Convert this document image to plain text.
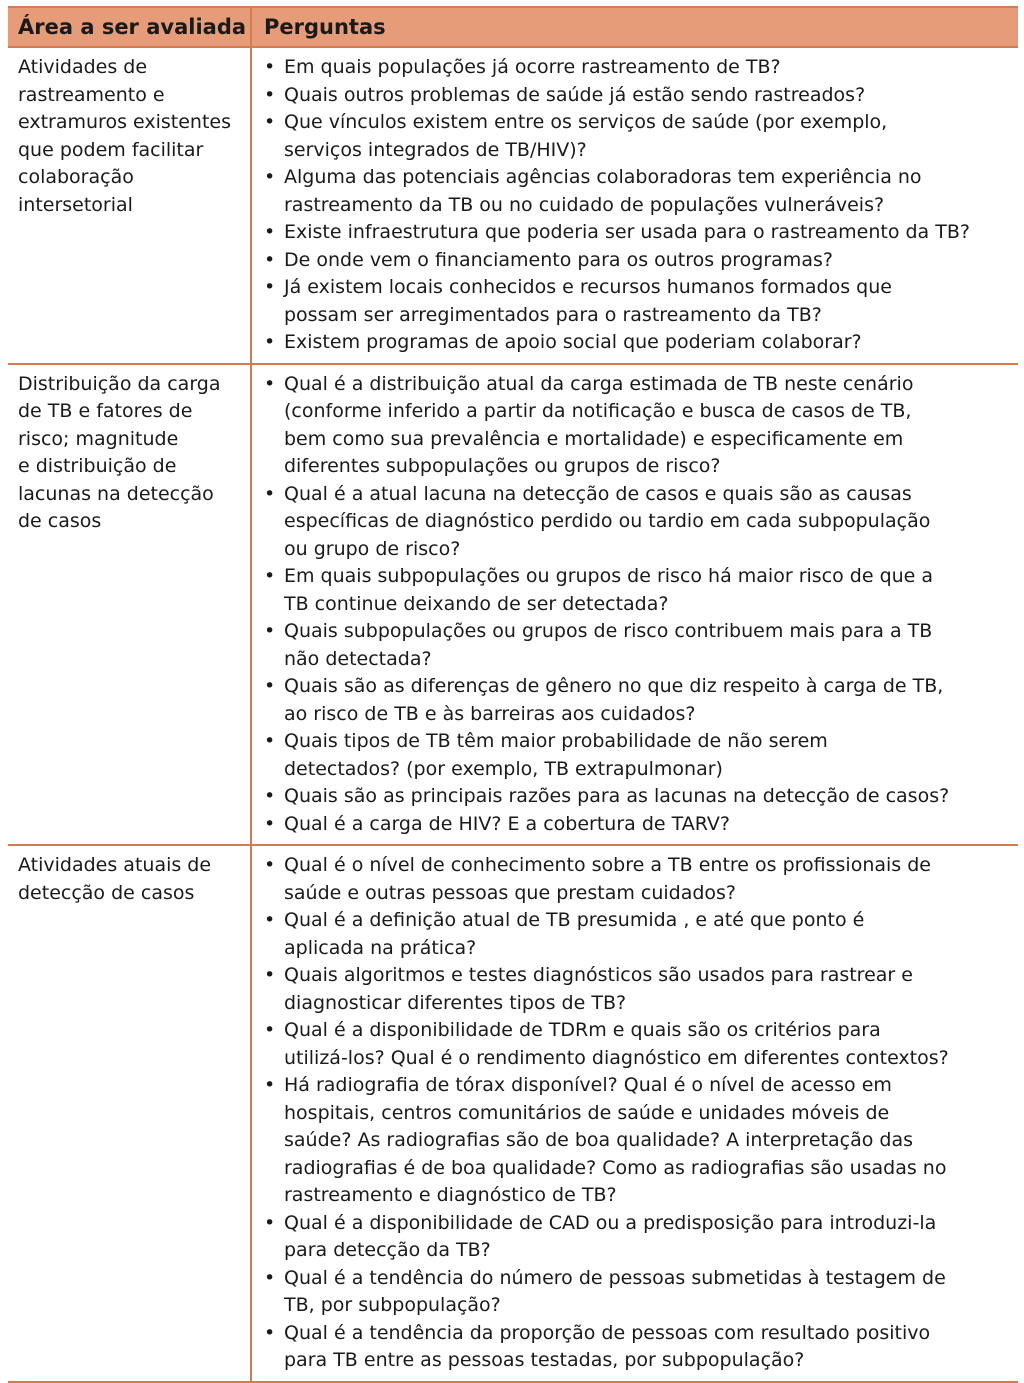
Área a ser avaliada Perguntas
Atividades de
rastreamento e
extramuros existentes
que podem facilitar
colaboração
intersetorial
• Em quais populações já ocorre rastreamento de TB?
• Quais outros problemas de saúde já estão sendo rastreados?
• Que vínculos existem entre os serviços de saúde (por exemplo,
serviços integrados de TB/HIV)?
• Alguma das potenciais agências colaboradoras tem experiência no
rastreamento da TB ou no cuidado de populações vulneráveis?
• Existe infraestrutura que poderia ser usada para o rastreamento da TB?
• De onde vem o financiamento para os outros programas?
• Já existem locais conhecidos e recursos humanos formados que
possam ser arregimentados para o rastreamento da TB?
• Existem programas de apoio social que poderiam colaborar?
Distribuição da carga
de TB e fatores de
risco; magnitude
e distribuição de
lacunas na detecção
de casos
• Qual é a distribuição atual da carga estimada de TB neste cenário
(conforme inferido a partir da notificação e busca de casos de TB,
bem como sua prevalência e mortalidade) e especificamente em
diferentes subpopulações ou grupos de risco?
• Qual é a atual lacuna na detecção de casos e quais são as causas
específicas de diagnóstico perdido ou tardio em cada subpopulação
ou grupo de risco?
• Em quais subpopulações ou grupos de risco há maior risco de que a
TB continue deixando de ser detectada?
• Quais subpopulações ou grupos de risco contribuem mais para a TB
não detectada?
• Quais são as diferenças de gênero no que diz respeito à carga de TB,
ao risco de TB e às barreiras aos cuidados?
• Quais tipos de TB têm maior probabilidade de não serem
detectados? (por exemplo, TB extrapulmonar)
• Quais são as principais razões para as lacunas na detecção de casos?
• Qual é a carga de HIV? E a cobertura de TARV?
Atividades atuais de
detecção de casos
• Qual é o nível de conhecimento sobre a TB entre os profissionais de
saúde e outras pessoas que prestam cuidados?
• Qual é a definição atual de TB presumida , e até que ponto é
aplicada na prática?
• Quais algoritmos e testes diagnósticos são usados para rastrear e
diagnosticar diferentes tipos de TB?
• Qual é a disponibilidade de TDRm e quais são os critérios para
utilizá-los? Qual é o rendimento diagnóstico em diferentes contextos?
• Há radiografia de tórax disponível? Qual é o nível de acesso em
hospitais, centros comunitários de saúde e unidades móveis de
saúde? As radiografias são de boa qualidade? A interpretação das
radiografias é de boa qualidade? Como as radiografias são usadas no
rastreamento e diagnóstico de TB?
• Qual é a disponibilidade de CAD ou a predisposição para introduzi-la
para detecção da TB?
• Qual é a tendência do número de pessoas submetidas à testagem de
TB, por subpopulação?
• Qual é a tendência da proporção de pessoas com resultado positivo
para TB entre as pessoas testadas, por subpopulação?
